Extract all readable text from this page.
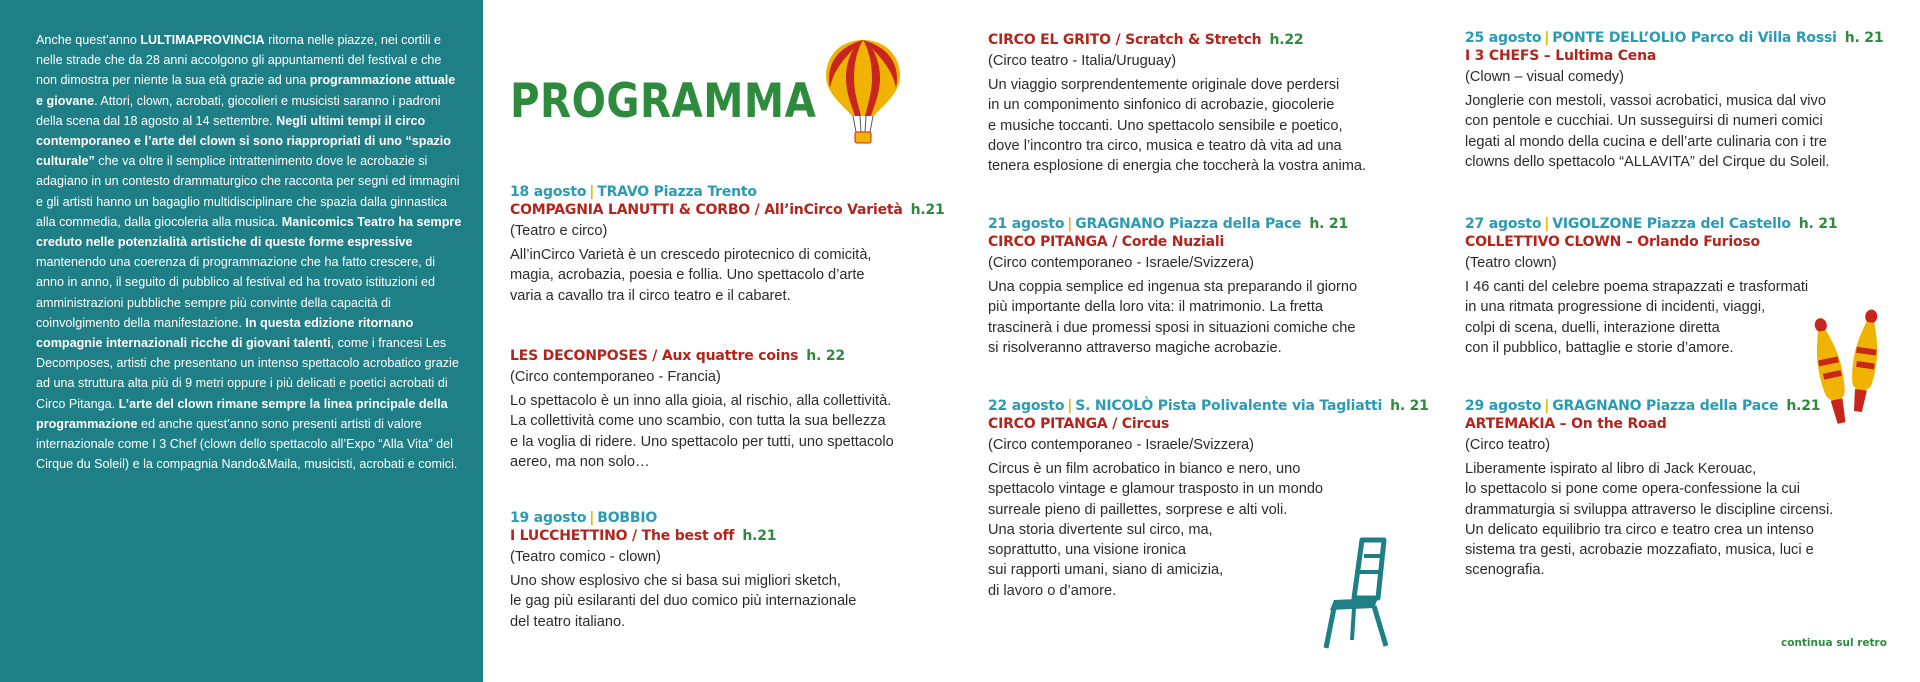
Anche quest’anno LULTIMAPROVINCIA ritorna nelle piazze, nei cortili e nelle strade che da 28 anni accolgono gli appuntamenti del festival e che non dimostra per niente la sua età grazie ad una programmazione attuale e giovane. Attori, clown, acrobati, giocolieri e musicisti saranno i padroni della scena dal 18 agosto al 14 settembre. Negli ultimi tempi il circo contemporaneo e l’arte del clown si sono riappropriati di uno “spazio culturale” che va oltre il semplice intrattenimento dove le acrobazie si adagiano in un contesto drammaturgico che racconta per segni ed immagini e gli artisti hanno un bagaglio multidisciplinare che spazia dalla ginnastica alla commedia, dalla giocoleria alla musica. Manicomics Teatro ha sempre creduto nelle potenzialità artistiche di queste forme espressive mantenendo una coerenza di programmazione che ha fatto crescere, di anno in anno, il seguito di pubblico al festival ed ha trovato istituzioni ed amministrazioni pubbliche sempre più convinte della capacità di coinvolgimento della manifestazione. In questa edizione ritornano compagnie internazionali ricche di giovani talenti, come i francesi Les Decomposes, artisti che presentano un intenso spettacolo acrobatico grazie ad una struttura alta più di 9 metri oppure i più delicati e poetici acrobati di Circo Pitanga. L’arte del clown rimane sempre la linea principale della programmazione ed anche quest’anno sono presenti artisti di valore internazionale come I 3 Chef (clown dello spettacolo all’Expo “Alla Vita” del Cirque du Soleil) e la compagnia Nando&Maila, musicisti, acrobati e comici.

PROGRAMMA
18 agosto | TRAVO Piazza Trento
COMPAGNIA LANUTTI & CORBO / All’inCirco Varietà h.21
(Teatro e circo)
All’inCirco Varietà è un crescedo pirotecnico di comicità,
magia, acrobazia, poesia e follia. Uno spettacolo d’arte
varia a cavallo tra il circo teatro e il cabaret.
LES DECONPOSES / Aux quattre coins h. 22
(Circo contemporaneo - Francia)
Lo spettacolo è un inno alla gioia, al rischio, alla collettività.
La collettività come uno scambio, con tutta la sua bellezza
e la voglia di ridere. Uno spettacolo per tutti, uno spettacolo
aereo, ma non solo…
19 agosto | BOBBIO
I LUCCHETTINO / The best off h.21
(Teatro comico - clown)
Uno show esplosivo che si basa sui migliori sketch,
le gag più esilaranti del duo comico più internazionale
del teatro italiano.
CIRCO EL GRITO / Scratch & Stretch h.22
(Circo teatro - Italia/Uruguay)
Un viaggio sorprendentemente originale dove perdersi
in un componimento sinfonico di acrobazie, giocolerie
e musiche toccanti. Uno spettacolo sensibile e poetico,
dove l’incontro tra circo, musica e teatro dà vita ad una
tenera esplosione di energia che toccherà la vostra anima.
21 agosto | GRAGNANO Piazza della Pace h. 21
CIRCO PITANGA / Corde Nuziali
(Circo contemporaneo - Israele/Svizzera)
Una coppia semplice ed ingenua sta preparando il giorno
più importante della loro vita: il matrimonio. La fretta
trascinerà i due promessi sposi in situazioni comiche che
si risolveranno attraverso magiche acrobazie.
22 agosto | S. NICOLÒ Pista Polivalente via Tagliatti h. 21
CIRCO PITANGA / Circus
(Circo contemporaneo - Israele/Svizzera)
Circus è un film acrobatico in bianco e nero, uno
spettacolo vintage e glamour trasposto in un mondo
surreale pieno di paillettes, sorprese e alti voli.
Una storia divertente sul circo, ma,
soprattutto, una visione ironica
sui rapporti umani, siano di amicizia,
di lavoro o d’amore.
25 agosto | PONTE DELL’OLIO Parco di Villa Rossi h. 21
I 3 CHEFS – Lultima Cena
(Clown – visual comedy)
Jonglerie con mestoli, vassoi acrobatici, musica dal vivo
con pentole e cucchiai. Un susseguirsi di numeri comici
legati al mondo della cucina e dell’arte culinaria con i tre
clowns dello spettacolo “ALLAVITA” del Cirque du Soleil.
27 agosto | VIGOLZONE Piazza del Castello h. 21
COLLETTIVO CLOWN – Orlando Furioso
(Teatro clown)
I 46 canti del celebre poema strapazzati e trasformati
in una ritmata progressione di incidenti, viaggi,
colpi di scena, duelli, interazione diretta
con il pubblico, battaglie e storie d’amore.
29 agosto | GRAGNANO Piazza della Pace h.21
ARTEMAKIA – On the Road
(Circo teatro)
Liberamente ispirato al libro di Jack Kerouac,
lo spettacolo si pone come opera-confessione la cui
drammaturgia si sviluppa attraverso le discipline circensi.
Un delicato equilibrio tra circo e teatro crea un intenso
sistema tra gesti, acrobazie mozzafiato, musica, luci e
scenografia.
continua sul retro
